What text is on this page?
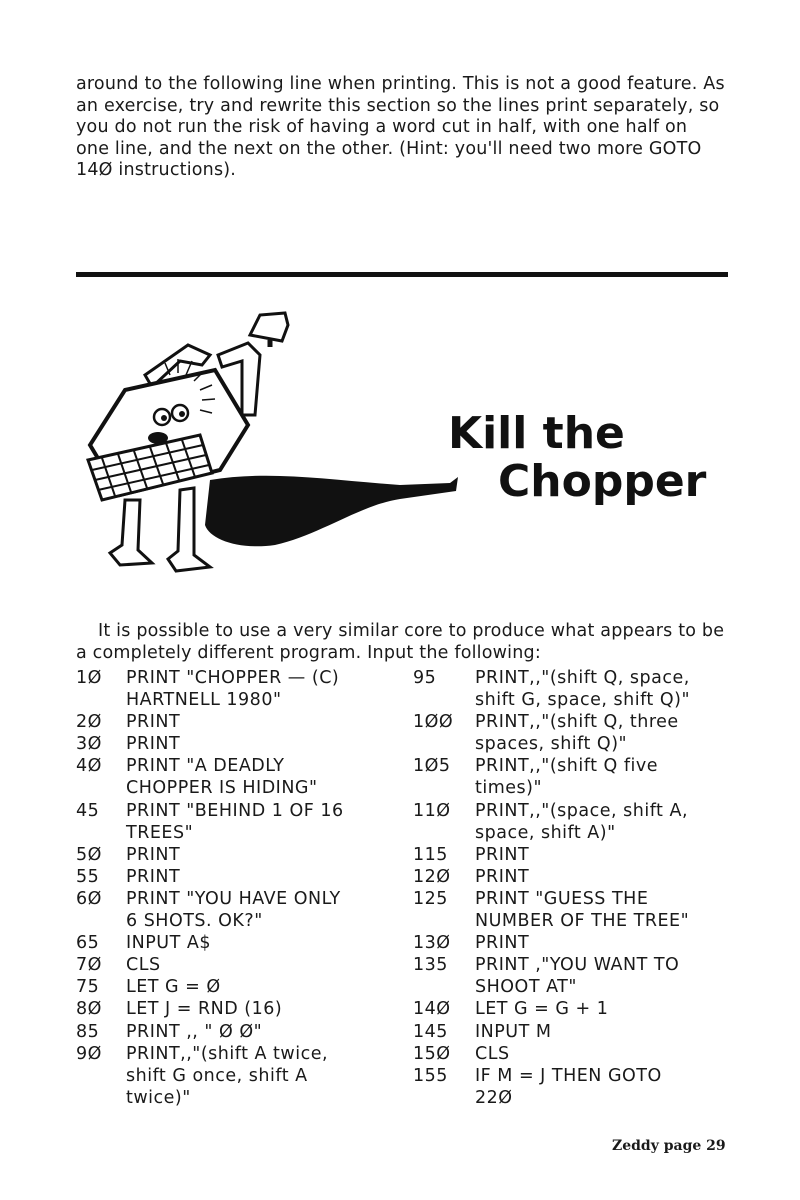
around to the following line when printing. This is not a good feature. As an exercise, try and rewrite this section so the lines print separately, so you do not run the risk of having a word cut in half, with one half on one line, and the next on the other. (Hint: you'll need two more GOTO 14Ø instructions).

Kill the
Chopper

It is possible to use a very similar core to produce what appears to be a completely different program. Input the following:

1Ø	PRINT "CHOPPER — (C)
HARTNELL 1980"
2Ø	PRINT
3Ø	PRINT
4Ø	PRINT "A DEADLY
CHOPPER IS HIDING"
45	PRINT "BEHIND 1 OF 16
TREES"
5Ø	PRINT
55	PRINT
6Ø	PRINT "YOU HAVE ONLY
6 SHOTS. OK?"
65	INPUT A$
7Ø	CLS
75	LET G = Ø
8Ø	LET J = RND (16)
85	PRINT ,, " Ø Ø"
9Ø	PRINT,,"(shift A twice,
shift G once, shift A
twice)"
95	PRINT,,"(shift Q, space,
shift G, space, shift Q)"
1ØØ	PRINT,,"(shift Q, three
spaces, shift Q)"
1Ø5	PRINT,,"(shift Q five
times)"
11Ø	PRINT,,"(space, shift A,
space, shift A)"
115	PRINT
12Ø	PRINT
125	PRINT "GUESS THE
NUMBER OF THE TREE"
13Ø	PRINT
135	PRINT ,"YOU WANT TO
SHOOT AT"
14Ø	LET G = G + 1
145	INPUT M
15Ø	CLS
155	IF M = J THEN GOTO
22Ø
Zeddy page 29
